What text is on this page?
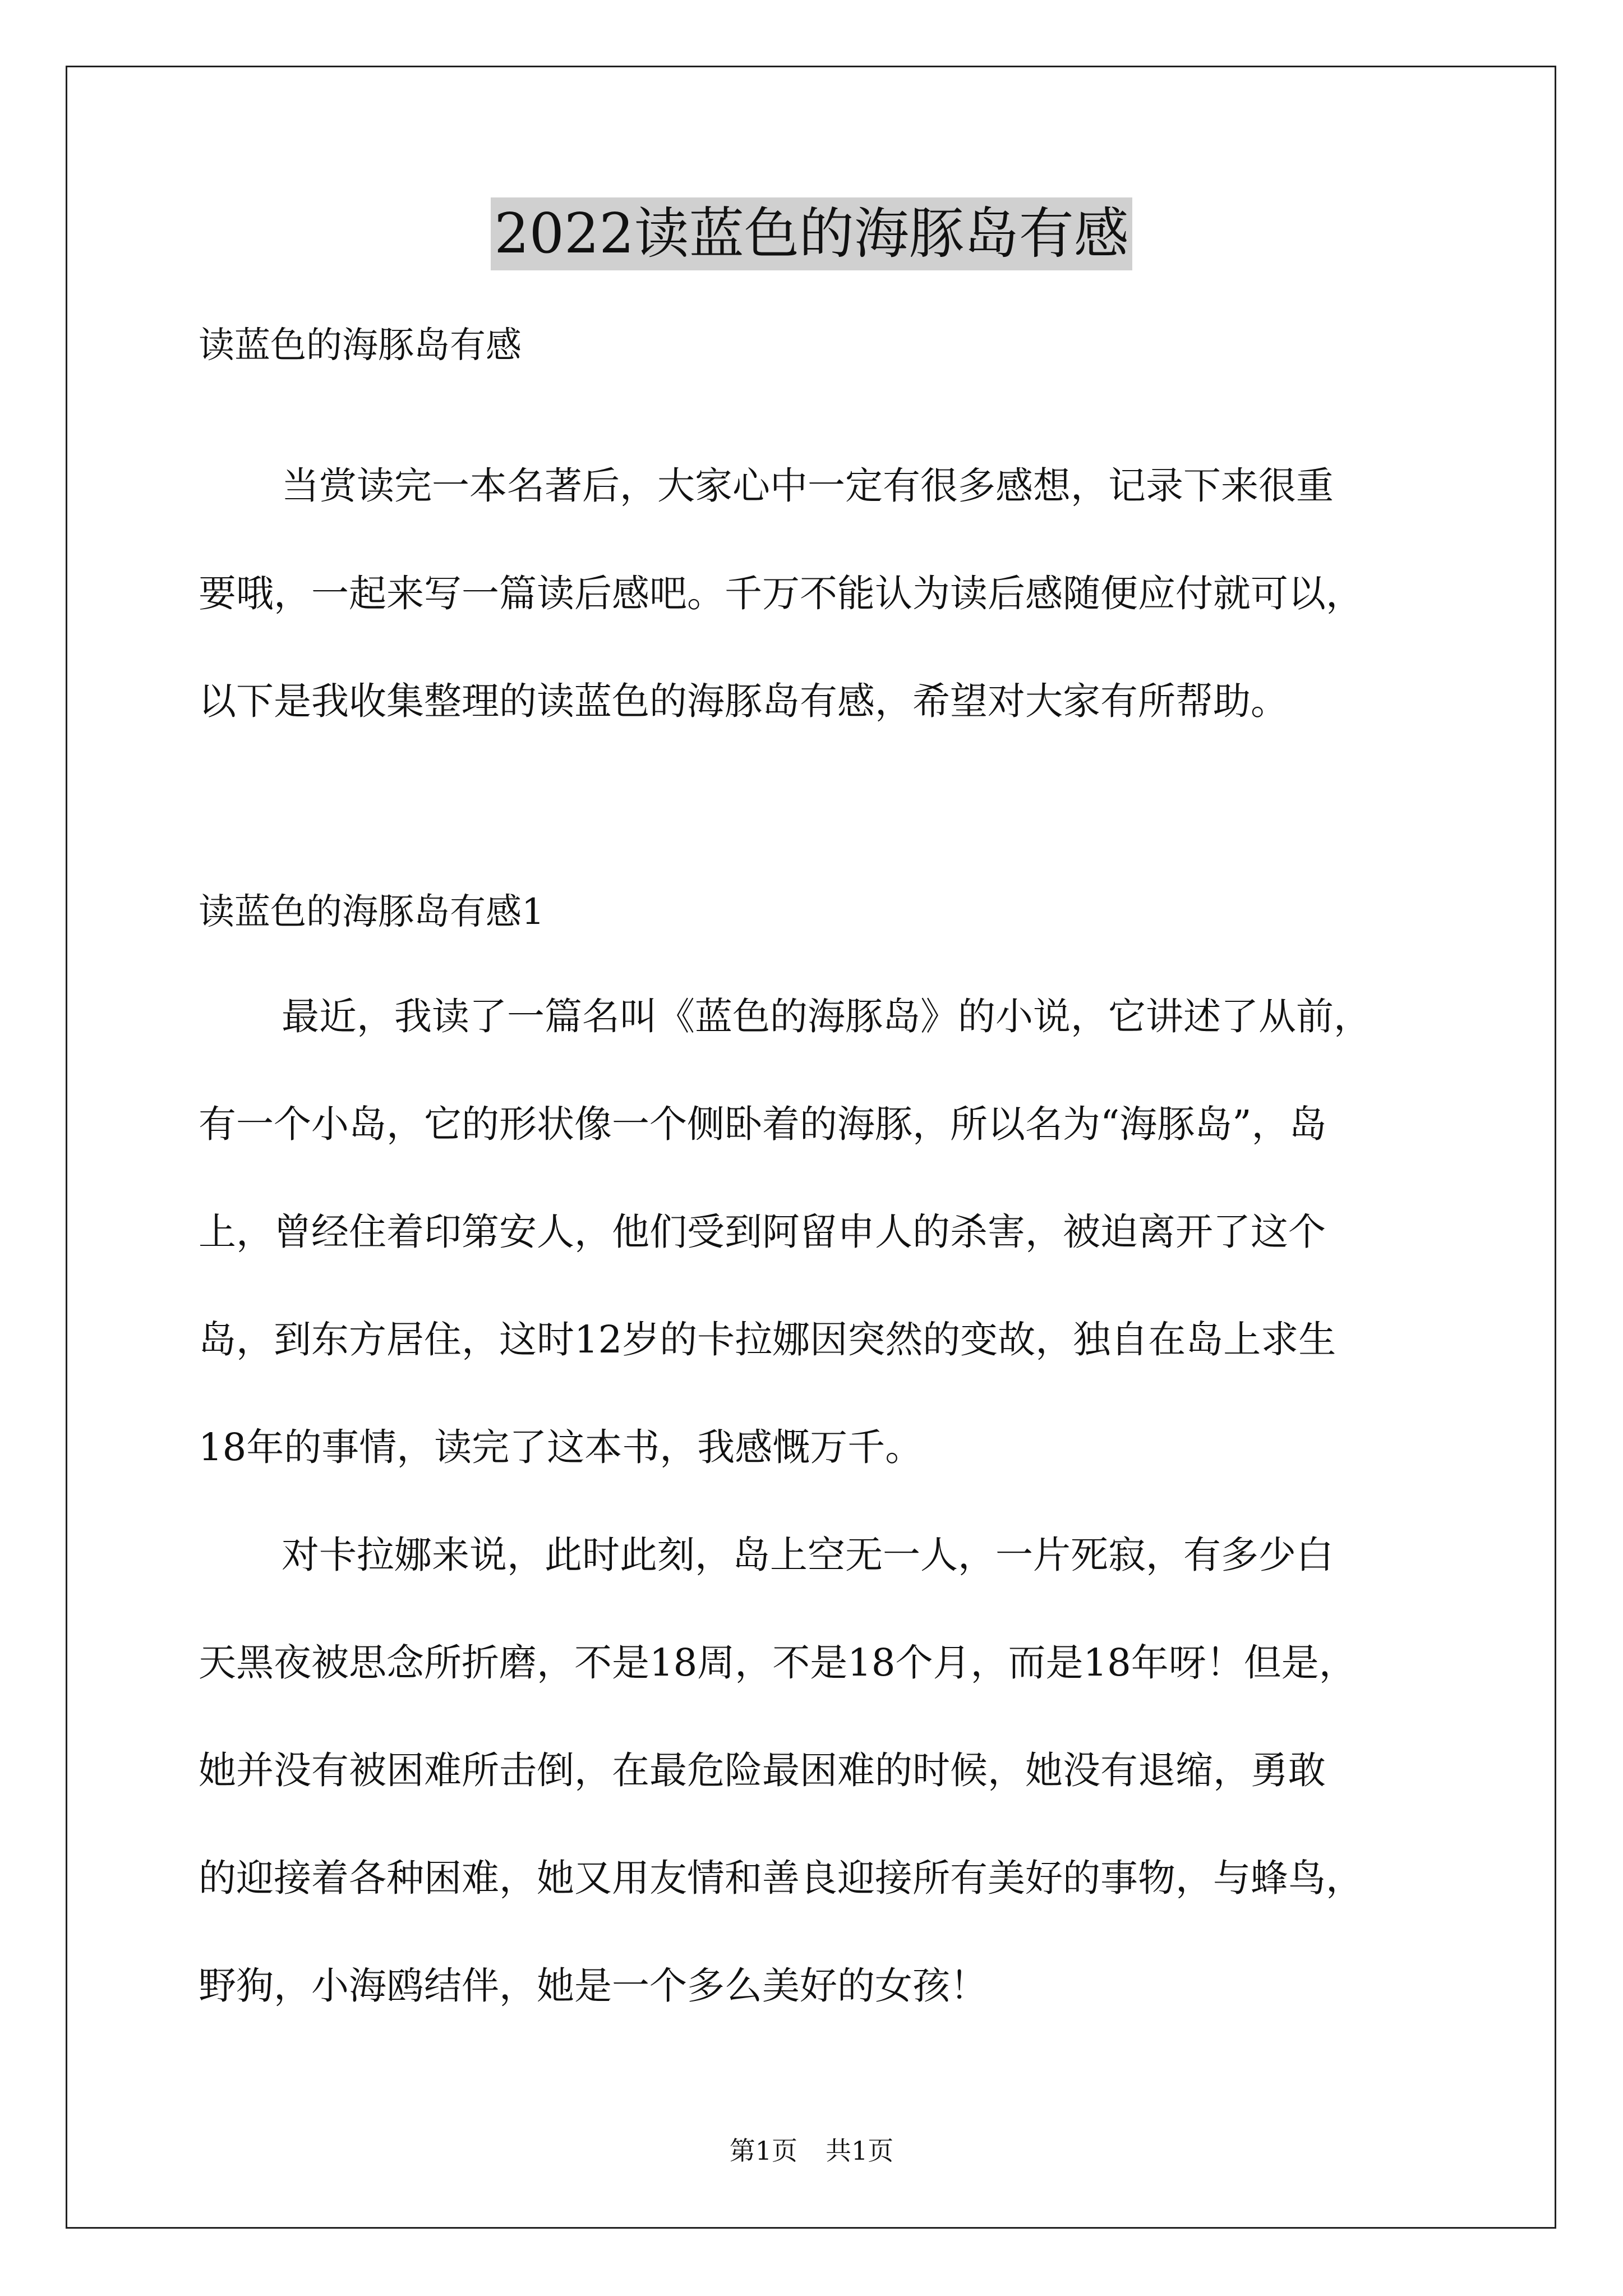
2022读蓝色的海豚岛有感

读蓝色的海豚岛有感

当赏读完一本名著后，大家心中一定有很多感想，记录下来很重
要哦，一起来写一篇读后感吧。千万不能认为读后感随便应付就可以，
以下是我收集整理的读蓝色的海豚岛有感，希望对大家有所帮助。

读蓝色的海豚岛有感1

最近，我读了一篇名叫《蓝色的海豚岛》的小说，它讲述了从前，
有一个小岛，它的形状像一个侧卧着的海豚，所以名为“海豚岛”，岛
上，曾经住着印第安人，他们受到阿留申人的杀害，被迫离开了这个
岛，到东方居住，这时12岁的卡拉娜因突然的变故，独自在岛上求生
18年的事情，读完了这本书，我感慨万千。

对卡拉娜来说，此时此刻，岛上空无一人，一片死寂，有多少白
天黑夜被思念所折磨，不是18周，不是18个月，而是18年呀！但是，
她并没有被困难所击倒，在最危险最困难的时候，她没有退缩，勇敢
的迎接着各种困难，她又用友情和善良迎接所有美好的事物，与蜂鸟，
野狗，小海鸥结伴，她是一个多么美好的女孩！

第1页 共1页
